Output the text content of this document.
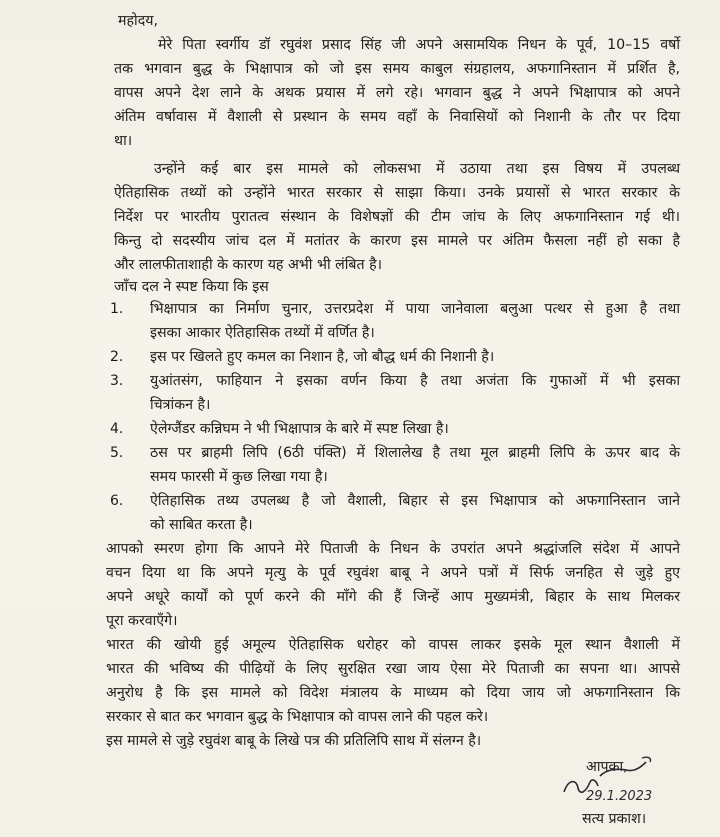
महोदय,
मेरे पिता स्वर्गीय डॉ रघुवंश प्रसाद सिंह जी अपने असामयिक निधन के पूर्व, 10–15 वर्षो
तक भगवान बुद्ध के भिक्षापात्र को जो इस समय काबुल संग्रहालय, अफगानिस्तान में प्रर्शित है,
वापस अपने देश लाने के अथक प्रयास में लगे रहे। भगवान बुद्ध ने अपने भिक्षापात्र को अपने
अंतिम वर्षावास में वैशाली से प्रस्थान के समय वहाँ के निवासियों को निशानी के तौर पर दिया
था।
उन्होंने कई बार इस मामले को लोकसभा में उठाया तथा इस विषय में उपलब्ध
ऐतिहासिक तथ्यों को उन्होंने भारत सरकार से साझा किया। उनके प्रयासों से भारत सरकार के
निर्देश पर भारतीय पुरातत्व संस्थान के विशेषज्ञों की टीम जांच के लिए अफगानिस्तान गई थी।
किन्तु दो सदस्यीय जांच दल में मतांतर के कारण इस मामले पर अंतिम फैसला नहीं हो सका है
और लालफीताशाही के कारण यह अभी भी लंबित है।
जाँच दल ने स्पष्ट किया कि इस
1. भिक्षापात्र का निर्माण चुनार, उत्तरप्रदेश में पाया जानेवाला बलुआ पत्थर से हुआ है तथा
इसका आकार ऐतिहासिक तथ्यों में वर्णित है।
2. इस पर खिलते हुए कमल का निशान है, जो बौद्ध धर्म की निशानी है।
3. युआंतसंग, फाहियान ने इसका वर्णन किया है तथा अजंता कि गुफाओं में भी इसका
चित्रांकन है।
4. ऐलेग्जैंडर कन्निघम ने भी भिक्षापात्र के बारे में स्पष्ट लिखा है।
5. ठस पर ब्राहमी लिपि (6ठी पंक्ति) में शिलालेख है तथा मूल ब्राहमी लिपि के ऊपर बाद के
समय फारसी में कुछ लिखा गया है।
6. ऐतिहासिक तथ्य उपलब्ध है जो वैशाली, बिहार से इस भिक्षापात्र को अफगानिस्तान जाने
को साबित करता है।
आपको स्मरण होगा कि आपने मेरे पिताजी के निधन के उपरांत अपने श्रद्धांजलि संदेश में आपने
वचन दिया था कि अपने मृत्यु के पूर्व रघुवंश बाबू ने अपने पत्रों में सिर्फ जनहित से जुड़े हुए
अपने अधूरे कार्यों को पूर्ण करने की माँगे की हैं जिन्हें आप मुख्यमंत्री, बिहार के साथ मिलकर
पूरा करवाएँगे।
भारत की खोयी हुई अमूल्य ऐतिहासिक धरोहर को वापस लाकर इसके मूल स्थान वैशाली में
भारत की भविष्य की पीढ़ियों के लिए सुरक्षित रखा जाय ऐसा मेरे पिताजी का सपना था। आपसे
अनुरोध है कि इस मामले को विदेश मंत्रालय के माध्यम को दिया जाय जो अफगानिस्तान कि
सरकार से बात कर भगवान बुद्ध के भिक्षापात्र को वापस लाने की पहल करे।
इस मामले से जुड़े रघुवंश बाबू के लिखे पत्र की प्रतिलिपि साथ में संलग्न है।
आपका,
29.1.2023
सत्य प्रकाश।
